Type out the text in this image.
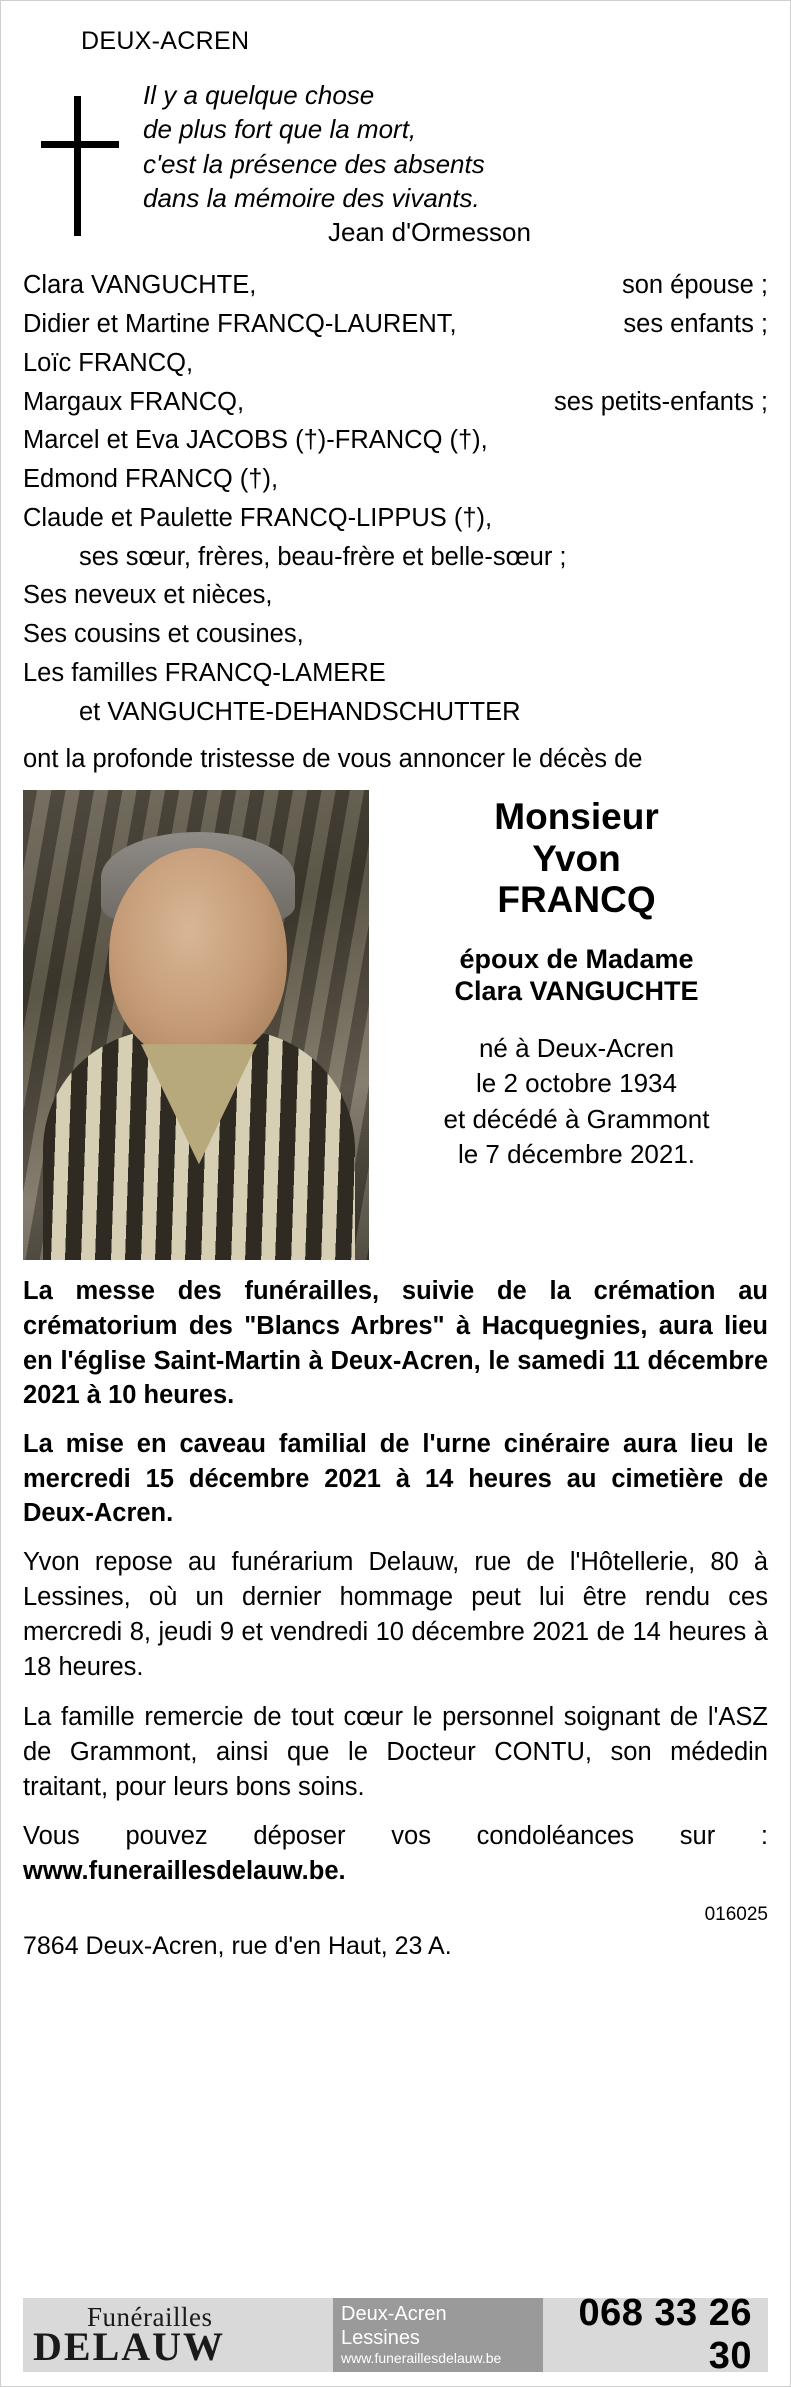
DEUX-ACREN
Il y a quelque chose
de plus fort que la mort,
c'est la présence des absents
dans la mémoire des vivants.
Jean d'Ormesson
Clara VANGUCHTE,	son épouse ;
Didier et Martine FRANCQ-LAURENT,	ses enfants ;
Loïc FRANCQ,
Margaux FRANCQ,	ses petits-enfants ;
Marcel et Eva JACOBS (†)-FRANCQ (†),
Edmond FRANCQ (†),
Claude et Paulette FRANCQ-LIPPUS (†),
ses sœur, frères, beau-frère et belle-sœur ;
Ses neveux et nièces,
Ses cousins et cousines,
Les familles FRANCQ-LAMERE
et VANGUCHTE-DEHANDSCHUTTER
ont la profonde tristesse de vous annoncer le décès de
Monsieur
Yvon
FRANCQ
époux de Madame
Clara VANGUCHTE
né à Deux-Acren
le 2 octobre 1934
et décédé à Grammont
le 7 décembre 2021.
La messe des funérailles, suivie de la crémation au crématorium des "Blancs Arbres" à Hacquegnies, aura lieu en l'église Saint-Martin à Deux-Acren, le samedi 11 décembre 2021 à 10 heures.
La mise en caveau familial de l'urne cinéraire aura lieu le mercredi 15 décembre 2021 à 14 heures au cimetière de Deux-Acren.
Yvon repose au funérarium Delauw, rue de l'Hôtellerie, 80 à Lessines, où un dernier hommage peut lui être rendu ces mercredi 8, jeudi 9 et vendredi 10 décembre 2021 de 14 heures à 18 heures.
La famille remercie de tout cœur le personnel soignant de l'ASZ de Grammont, ainsi que le Docteur CONTU, son médedin traitant, pour leurs bons soins.
Vous pouvez déposer vos condoléances sur : www.funeraillesdelauw.be.
016025
7864 Deux-Acren, rue d'en Haut, 23 A.
Funérailles
DELAUW
Deux-Acren
Lessines
www.funeraillesdelauw.be
068 33 26 30
